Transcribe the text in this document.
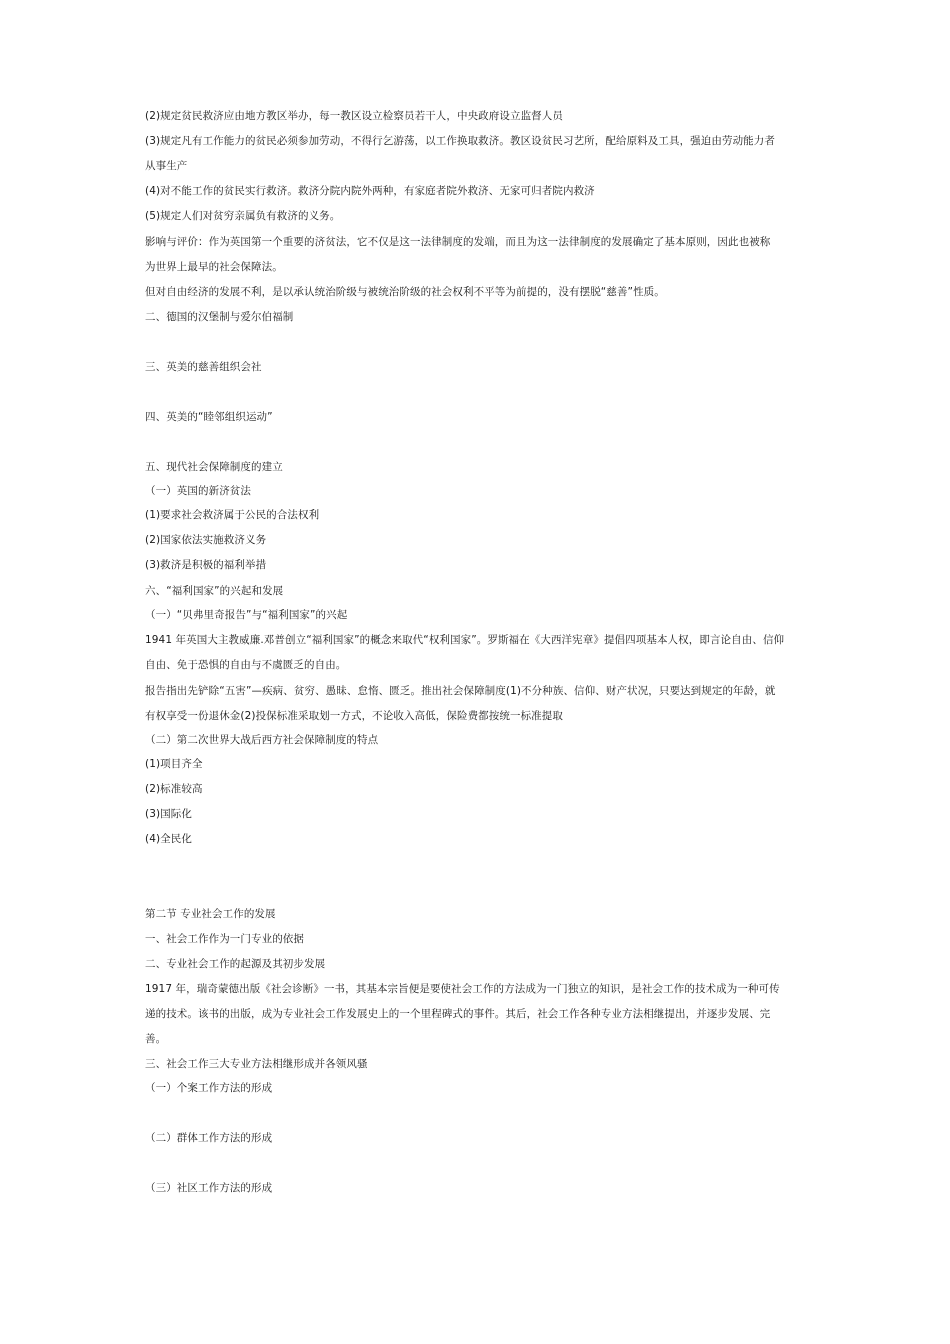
(2)规定贫民救济应由地方教区举办，每一教区设立检察员若干人，中央政府设立监督人员
(3)规定凡有工作能力的贫民必须参加劳动，不得行乞游荡，以工作换取救济。教区设贫民习艺所，配给原料及工具，强迫由劳动能力者
从事生产
(4)对不能工作的贫民实行救济。救济分院内院外两种，有家庭者院外救济、无家可归者院内救济
(5)规定人们对贫穷亲属负有救济的义务。
影响与评价：作为英国第一个重要的济贫法，它不仅是这一法律制度的发端，而且为这一法律制度的发展确定了基本原则，因此也被称
为世界上最早的社会保障法。
但对自由经济的发展不利，是以承认统治阶级与被统治阶级的社会权利不平等为前提的，没有摆脱“慈善”性质。
二、德国的汉堡制与爱尔伯福制
三、英美的慈善组织会社
四、英美的“睦邻组织运动”
五、现代社会保障制度的建立
（一）英国的新济贫法
(1)要求社会救济属于公民的合法权利
(2)国家依法实施救济义务
(3)救济是积极的福利举措
六、“福利国家”的兴起和发展
（一）“贝弗里奇报告”与“福利国家”的兴起
1941 年英国大主教威廉.邓普创立“福利国家”的概念来取代“权利国家”。罗斯福在《大西洋宪章》提倡四项基本人权，即言论自由、信仰
自由、免于恐惧的自由与不虞匮乏的自由。
报告指出先铲除“五害”—疾病、贫穷、愚昧、怠惰、匮乏。推出社会保障制度(1)不分种族、信仰、财产状况，只要达到规定的年龄，就
有权享受一份退休金(2)投保标准采取划一方式，不论收入高低，保险费都按统一标准提取
（二）第二次世界大战后西方社会保障制度的特点
(1)项目齐全
(2)标准较高
(3)国际化
(4)全民化
第二节 专业社会工作的发展
一、社会工作作为一门专业的依据
二、专业社会工作的起源及其初步发展
1917 年，瑞奇蒙德出版《社会诊断》一书，其基本宗旨便是要使社会工作的方法成为一门独立的知识，是社会工作的技术成为一种可传
递的技术。该书的出版，成为专业社会工作发展史上的一个里程碑式的事件。其后，社会工作各种专业方法相继提出，并逐步发展、完
善。
三、社会工作三大专业方法相继形成并各领风骚
（一）个案工作方法的形成
（二）群体工作方法的形成
（三）社区工作方法的形成
